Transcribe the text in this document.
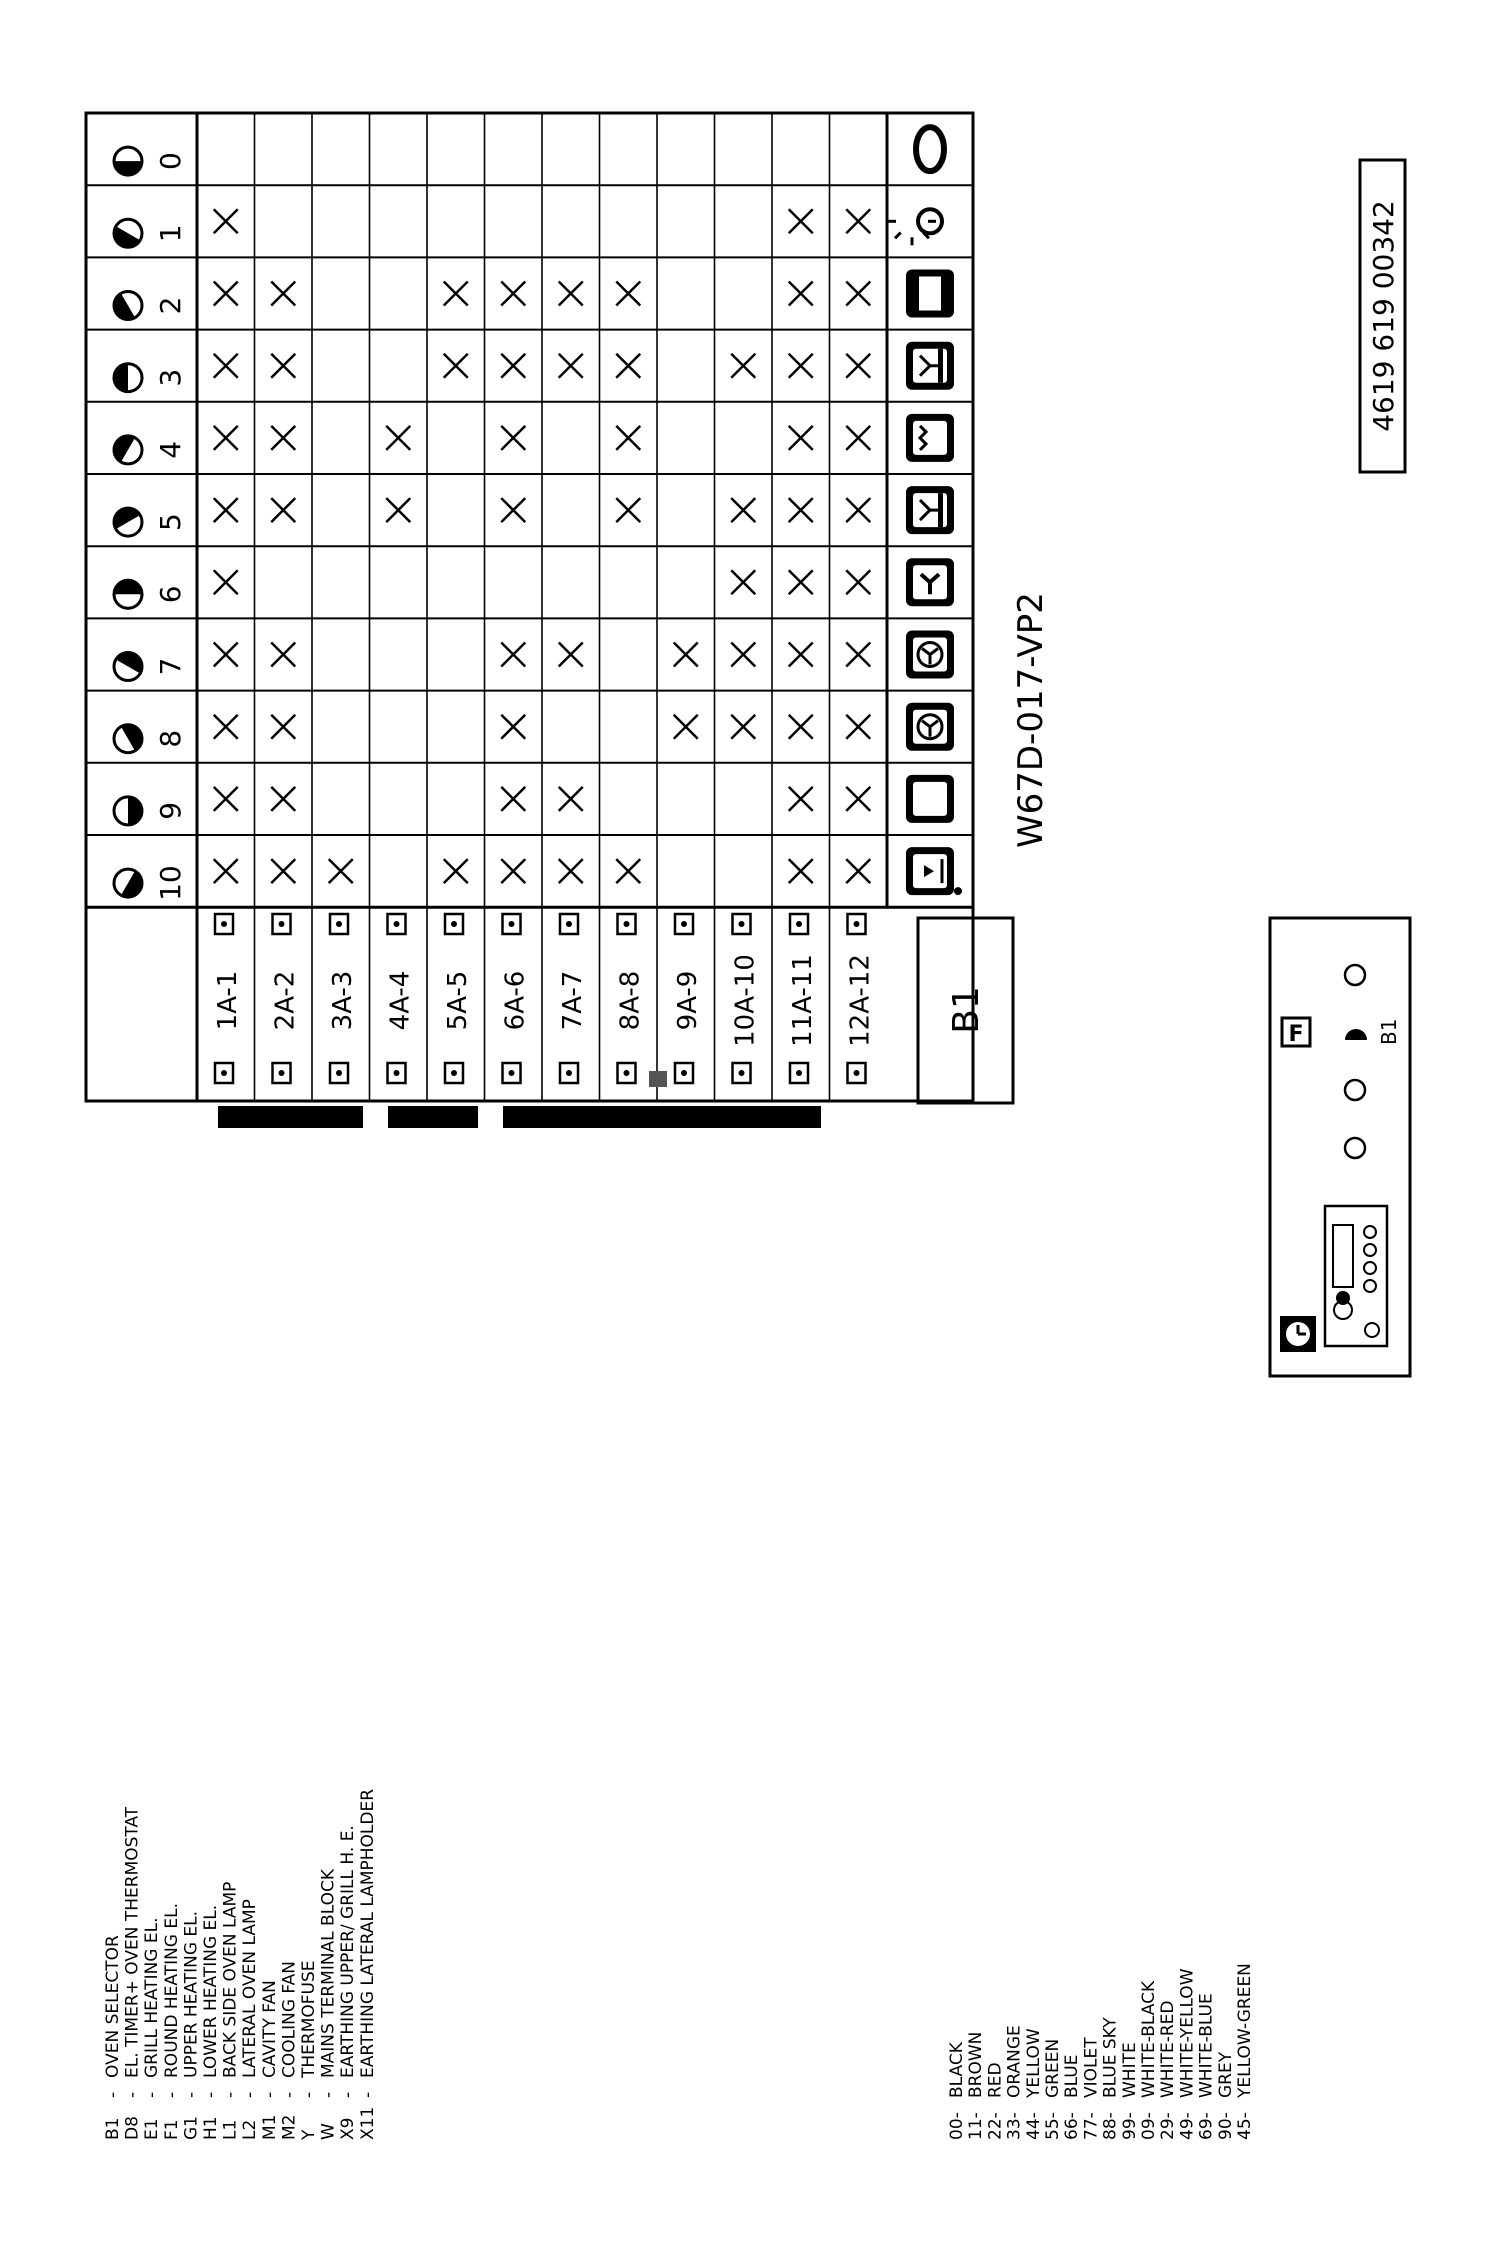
0
1
2
3
4
5
6
7
8
9
10
1A-1 2A-2 3A-3 4A-4 5A-5 6A-6 7A-7 8A-8 9A-9 10A-10 11A-11 12A-12 B1
W67D-017-VP2
4619 619 00342
F	B1
B1
-
OVEN SELECTOR
D8
-
EL. TIMER+ OVEN THERMOSTAT
E1
-
GRILL HEATING EL.
F1
-
ROUND HEATING EL.
G1
-
UPPER HEATING EL.
H1
-
LOWER HEATING EL.
L1
-
BACK SIDE OVEN LAMP
L2
-
LATERAL OVEN LAMP
M1
-
CAVITY FAN
M2
-
COOLING FAN
Y
-
THERMOFUSE
W
-
MAINS TERMINAL BLOCK
X9
-
EARTHING UPPER/ GRILL H. E.
X11
-
EARTHING LATERAL LAMPHOLDER
00-
BLACK
11-
BROWN
22-
RED
33-
ORANGE
44-
YELLOW
55-
GREEN
66-
BLUE
77-
VIOLET
88-
BLUE SKY
99-
WHITE
09-
WHITE-BLACK
29-
WHITE-RED
49-
WHITE-YELLOW
69-
WHITE-BLUE
90-
GREY
45-
YELLOW-GREEN
